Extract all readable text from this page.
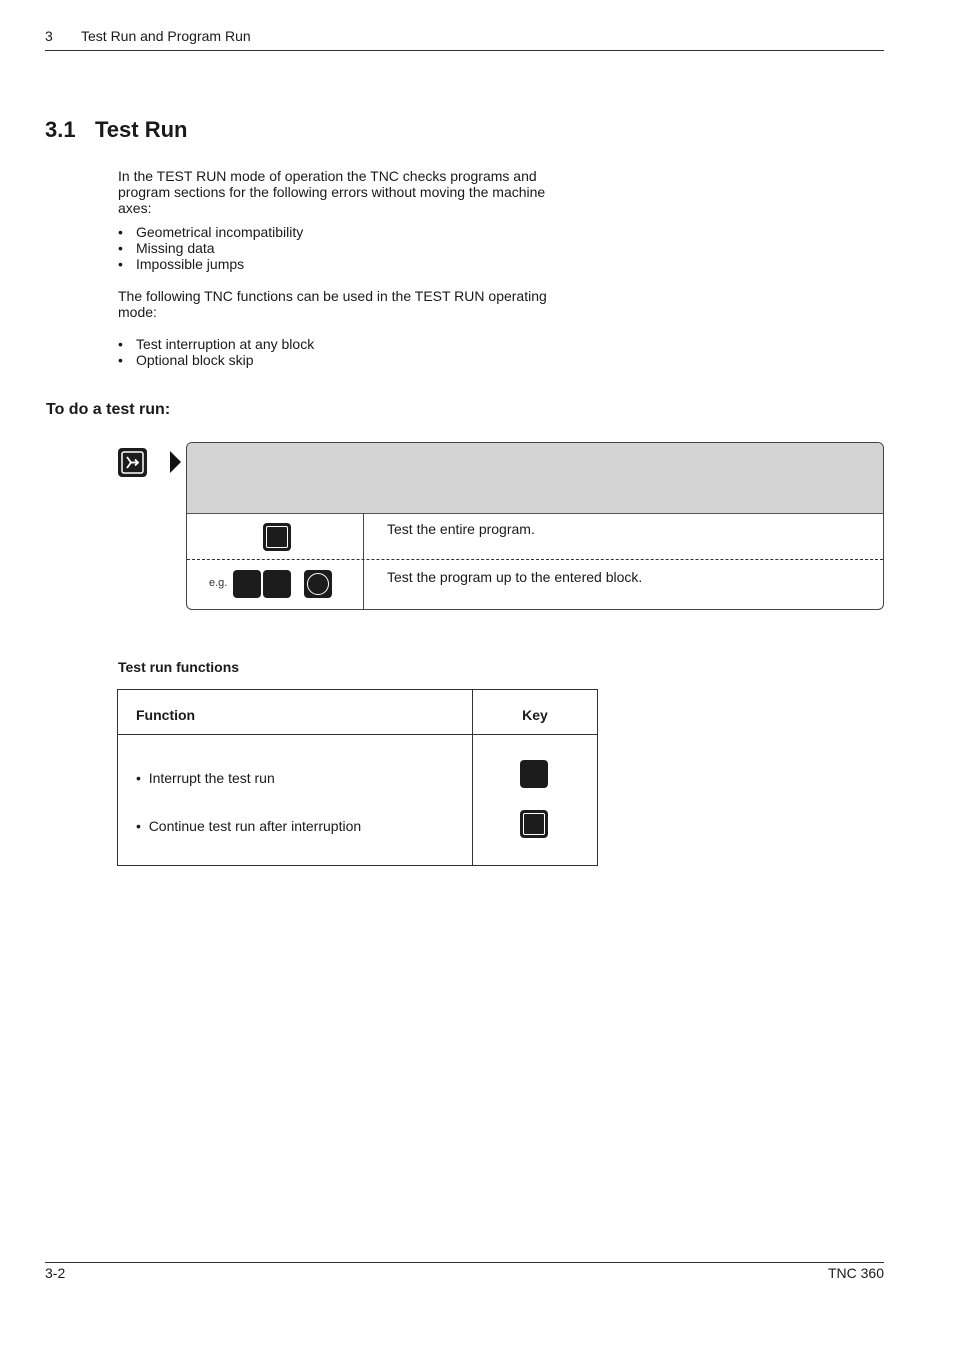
3 Test Run and Program Run
3.1 Test Run
In the TEST RUN mode of operation the TNC checks programs and program sections for the following errors without moving the machine axes:
• Geometrical incompatibility
• Missing data
• Impossible jumps
The following TNC functions can be used in the TEST RUN operating mode:
• Test interruption at any block
• Optional block skip
To do a test run:
Test the entire program.
e.g.	Test the program up to the entered block.
Test run functions
Function	Key
•  Interrupt the test run
•  Continue test run after interruption
3-2	TNC 360
